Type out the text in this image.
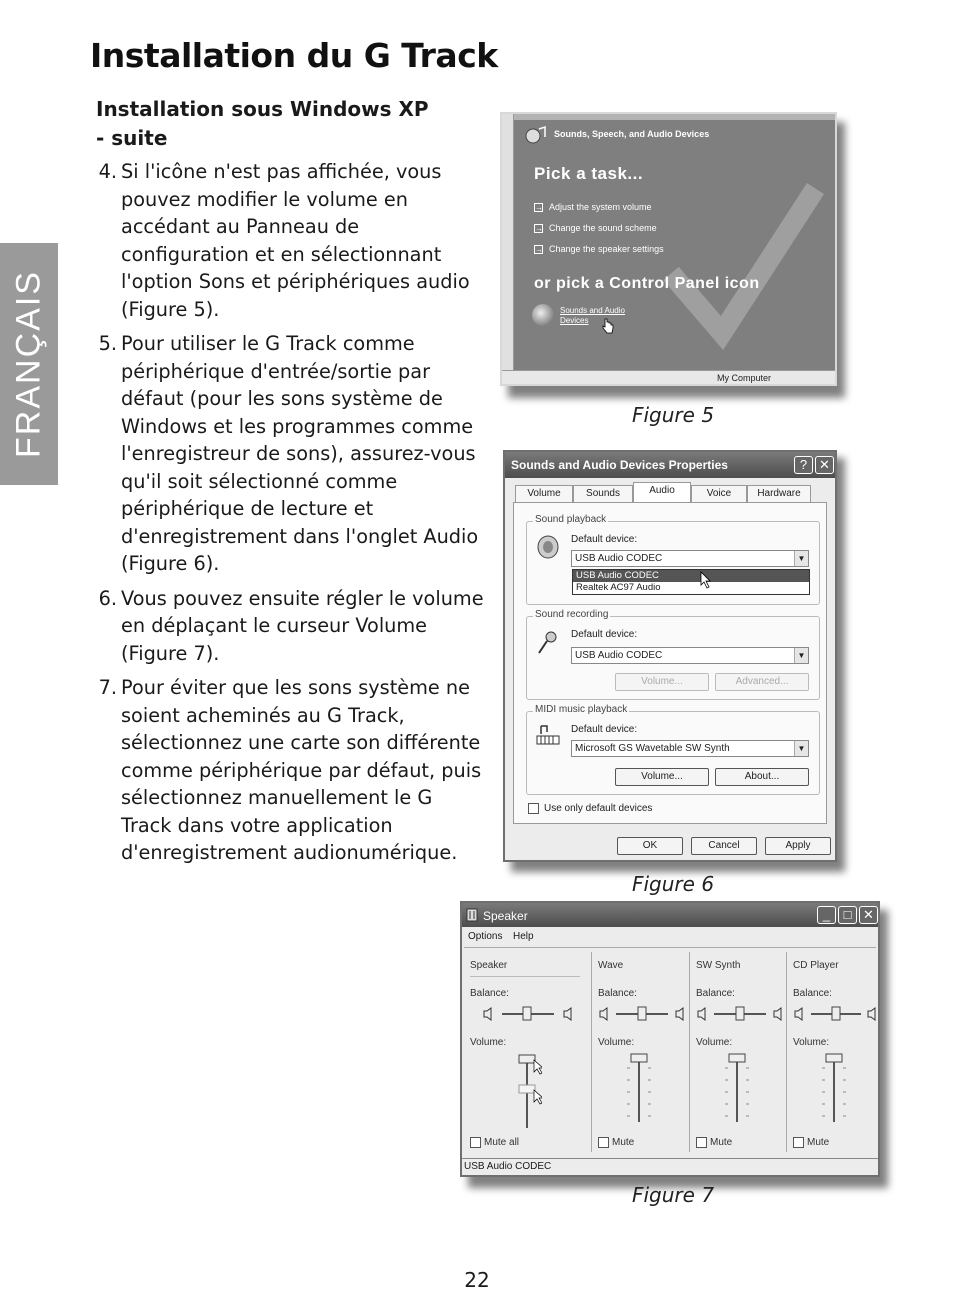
FRANÇAIS
Installation du G Track
Installation sous Windows XP
- suite
4. Si l'icône n'est pas affichée, vous pouvez modifier le volume en accédant au Panneau de configuration et en sélectionnant l'option Sons et périphériques audio (Figure 5).
5. Pour utiliser le G Track comme périphérique d'entrée/sortie par défaut (pour les sons système de Windows et les programmes comme l'enregistreur de sons), assurez-vous qu'il soit sélectionné comme périphérique de lecture et d'enregistrement dans l'onglet Audio (Figure 6).
6. Vous pouvez ensuite régler le volume en déplaçant le curseur Volume (Figure 7).
7. Pour éviter que les sons système ne soient acheminés au G Track, sélectionnez une carte son différente comme périphérique par défaut, puis sélectionnez manuellement le G Track dans votre application d'enregistrement audionumérique.
Sounds, Speech, and Audio Devices
Pick a task...
→ Adjust the system volume
→ Change the sound scheme
→ Change the speaker settings
or pick a Control Panel icon
Sounds and Audio
Devices
My Computer
Figure 5
Sounds and Audio Devices Properties	? ✕
Volume	Sounds	Audio	Voice	Hardware
Sound playback
Default device:
USB Audio CODEC	▼
USB Audio CODEC
Realtek AC97 Audio
Sound recording
Default device:
USB Audio CODEC	▼
Volume...	Advanced...
MIDI music playback
Default device:
Microsoft GS Wavetable SW Synth	▼
Volume...	About...
Use only default devices
OK	Cancel	Apply
Figure 6
Speaker	_	□ ✕
Options Help
Speaker
Balance:
Volume:
Mute all
Wave
Balance:
Volume:
Mute
SW Synth
Balance:
Volume:
Mute
CD Player
Balance:
Volume:
Mute
USB Audio CODEC
Figure 7
22
